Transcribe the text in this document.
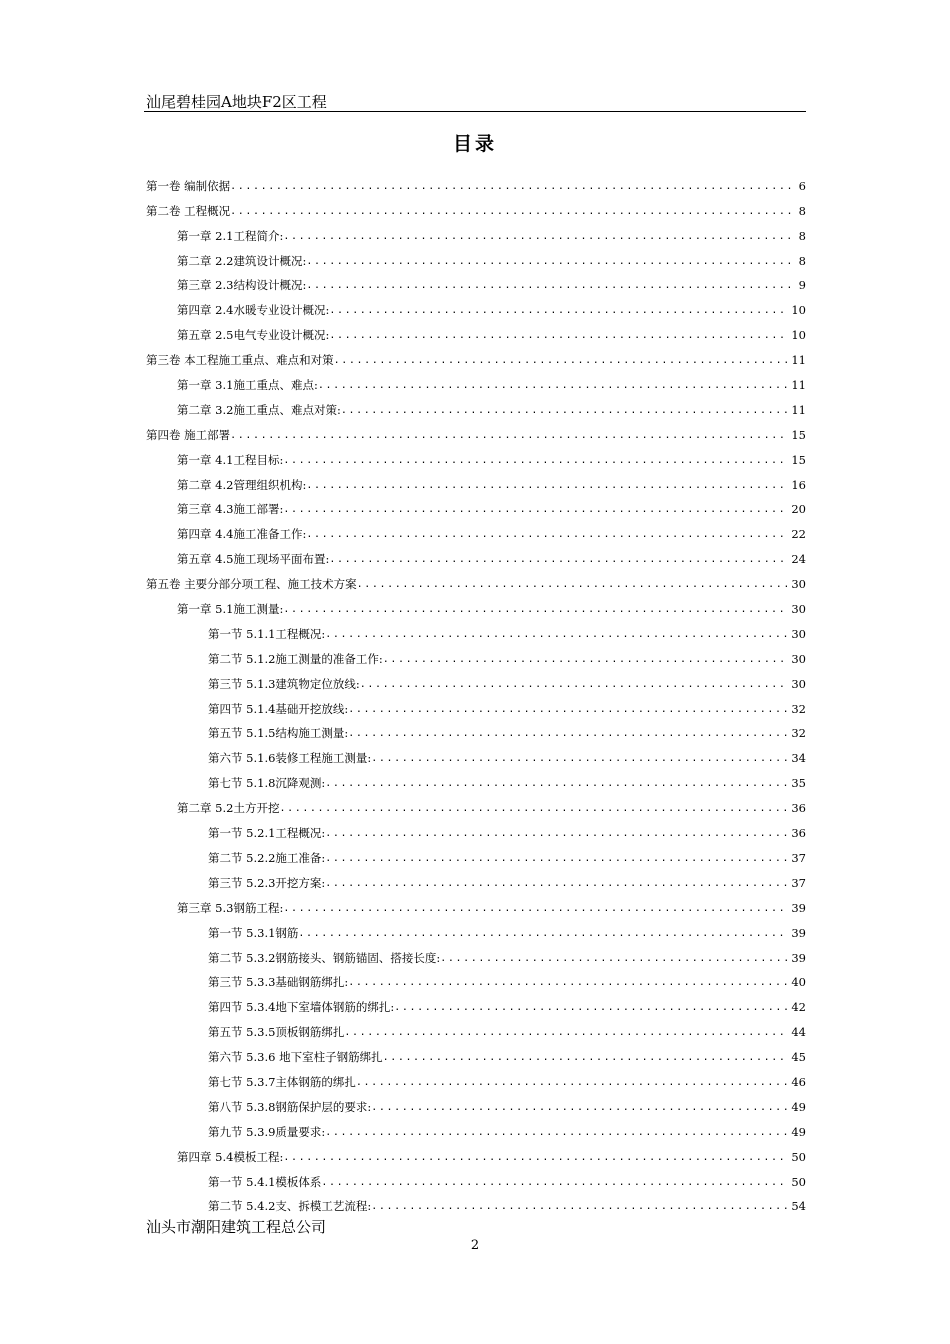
汕尾碧桂园A地块F2区工程
目录
第一卷 编制依据 .....	6
第二卷 工程概况 .....	8
第一章 2.1工程简介: .....	8
第二章 2.2建筑设计概况: .....	8
第三章 2.3结构设计概况: .....	9
第四章 2.4水暖专业设计概况: .....	10
第五章 2.5电气专业设计概况: .....	10
第三卷 本工程施工重点、难点和对策 .....	11
第一章 3.1施工重点、难点: .....	11
第二章 3.2施工重点、难点对策: .....	11
第四卷 施工部署 .....	15
第一章 4.1工程目标: .....	15
第二章 4.2管理组织机构: .....	16
第三章 4.3施工部署: .....	20
第四章 4.4施工准备工作: .....	22
第五章 4.5施工现场平面布置: .....	24
第五卷 主要分部分项工程、施工技术方案 .....	30
第一章 5.1施工测量: .....	30
第一节 5.1.1工程概况: .....	30
第二节 5.1.2施工测量的准备工作: .....	30
第三节 5.1.3建筑物定位放线: .....	30
第四节 5.1.4基础开挖放线: .....	32
第五节 5.1.5结构施工测量: .....	32
第六节 5.1.6装修工程施工测量: .....	34
第七节 5.1.8沉降观测: .....	35
第二章 5.2土方开挖 .....	36
第一节 5.2.1工程概况: .....	36
第二节 5.2.2施工准备: .....	37
第三节 5.2.3开挖方案: .....	37
第三章 5.3钢筋工程: .....	39
第一节 5.3.1钢筋 .....	39
第二节 5.3.2钢筋接头、钢筋锚固、搭接长度: .....	39
第三节 5.3.3基础钢筋绑扎: .....	40
第四节 5.3.4地下室墙体钢筋的绑扎: .....	42
第五节 5.3.5顶板钢筋绑扎 .....	44
第六节 5.3.6 地下室柱子钢筋绑扎 .....	45
第七节 5.3.7主体钢筋的绑扎 .....	46
第八节 5.3.8钢筋保护层的要求: .....	49
第九节 5.3.9质量要求: .....	49
第四章 5.4模板工程: .....	50
第一节 5.4.1模板体系 .....	50
第二节 5.4.2支、拆模工艺流程: .....	54
汕头市潮阳建筑工程总公司
2
